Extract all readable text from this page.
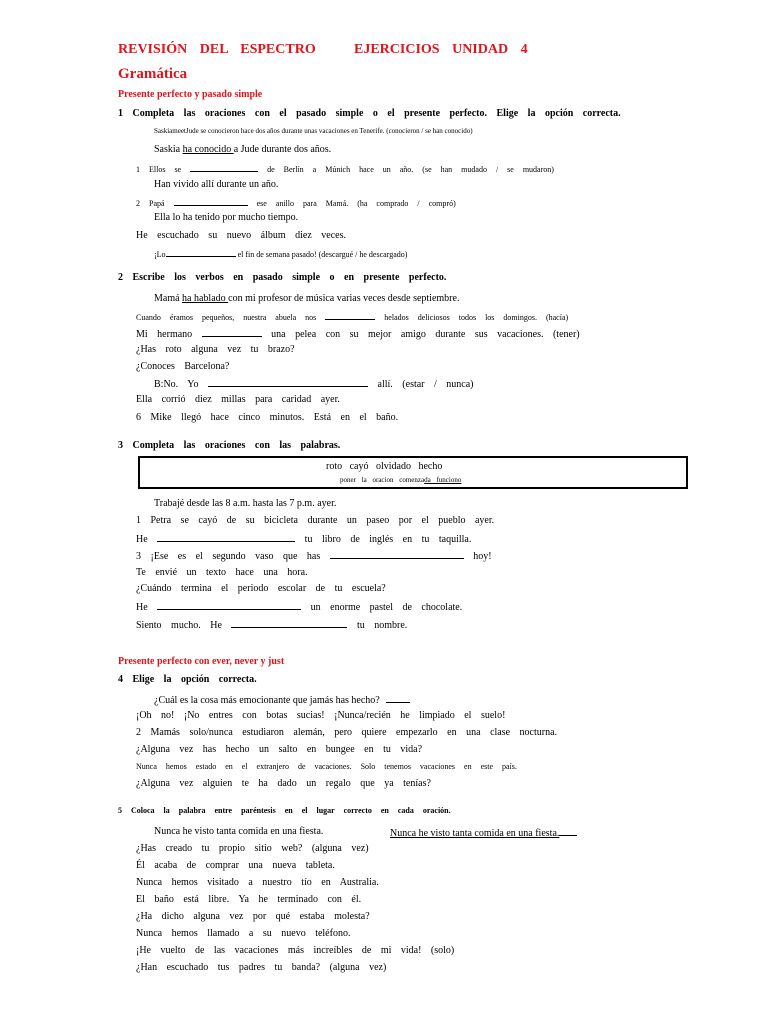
REVISIÓN DEL ESPECTRO	EJERCICIOS UNIDAD 4
Gramática
Presente perfecto y pasado simple
1 Completa las oraciones con el pasado simple o el presente perfecto. Elige la opción correcta.
SaskiameetJude se conocieron hace dos años durante unas vacaciones en Tenerife. (conocieron / se han conocido)
Saskia ha conocido a Jude durante dos años.
1 Ellos se	de Berlín a Múnich hace un año. (se han mudado / se mudaron)
Han vivido allí durante un año.
2 Papá	ese anillo para Mamá. (ha comprado / compró)
Ella lo ha tenido por mucho tiempo.
He escuchado su nuevo álbum diez veces.
¡Lo	el fin de semana pasado! (descargué / he descargado)
2 Escribe los verbos en pasado simple o en presente perfecto.
Mamá ha hablado con mi profesor de música varias veces desde septiembre.
Cuando éramos pequeños, nuestra abuela nos	helados deliciosos todos los domingos. (hacía)
Mi hermano	una pelea con su mejor amigo durante sus vacaciones. (tener)
¿Has roto alguna vez tu brazo?
¿Conoces Barcelona?
B:No. Yo	allí. (estar / nunca)
Ella corrió diez millas para caridad ayer.
6 Mike llegó hace cinco minutos. Está en el baño.
3 Completa las oraciones con las palabras.
roto cayó olvidado hecho
poner la oracion comenzada funciono
Trabajé desde las 8 a.m. hasta las 7 p.m. ayer.
1 Petra se cayó de su bicicleta durante un paseo por el pueblo ayer.
He	tu libro de inglés en tu taquilla.
3 ¡Ese es el segundo vaso que has	hoy!
Te envié un texto hace una hora.
¿Cuándo termina el periodo escolar de tu escuela?
He	un enorme pastel de chocolate.
Siento mucho. He	tu nombre.
Presente perfecto con ever, never y just
4 Elige la opción correcta.
¿Cuál es la cosa más emocionante que jamás has hecho?
¡Oh no! ¡No entres con botas sucias! ¡Nunca/recién he limpiado el suelo!
2 Mamás solo/nunca estudiaron alemán, pero quiere empezarlo en una clase nocturna.
¿Alguna vez has hecho un salto en bungee en tu vida?
Nunca hemos estado en el extranjero de vacaciones. Solo tenemos vacaciones en este país.
¿Alguna vez alguien te ha dado un regalo que ya tenías?
5 Coloca la palabra entre paréntesis en el lugar correcto en cada oración.
Nunca he visto tanta comida en una fiesta.	Nunca he visto tanta comida en una fiesta.
¿Has creado tu propio sitio web? (alguna vez)
Él acaba de comprar una nueva tableta.
Nunca hemos visitado a nuestro tío en Australia.
El baño está libre. Ya he terminado con él.
¿Ha dicho alguna vez por qué estaba molesta?
Nunca hemos llamado a su nuevo teléfono.
¡He vuelto de las vacaciones más increíbles de mi vida! (solo)
¿Han escuchado tus padres tu banda? (alguna vez)
